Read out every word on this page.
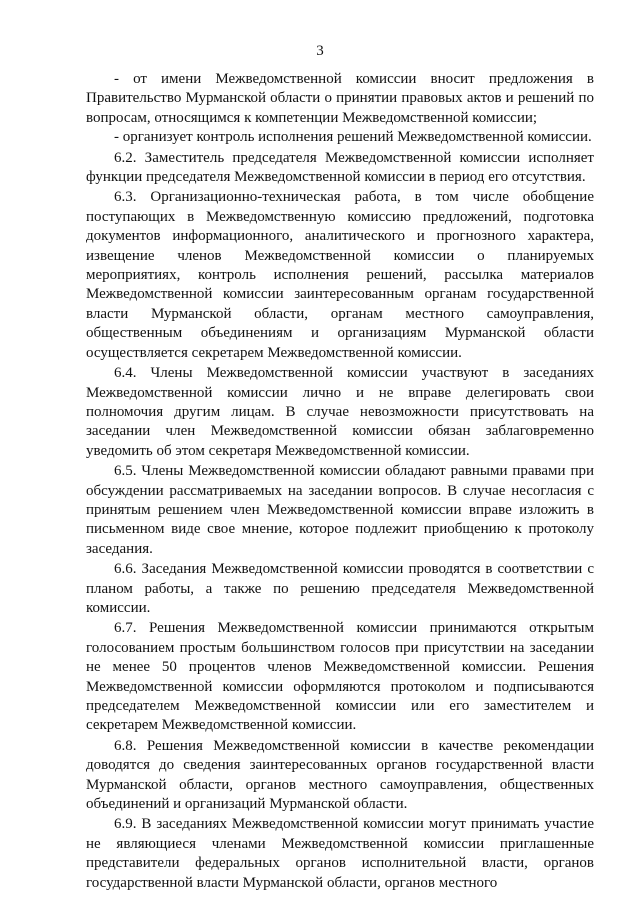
3

- от имени Межведомственной комиссии вносит предложения в Правительство Мурманской области о принятии правовых актов и решений по вопросам, относящимся к компетенции Межведомственной комиссии;

- организует контроль исполнения решений Межведомственной комиссии.

6.2. Заместитель председателя Межведомственной комиссии исполняет функции председателя Межведомственной комиссии в период его отсутствия.

6.3. Организационно-техническая работа, в том числе обобщение поступающих в Межведомственную комиссию предложений, подготовка документов информационного, аналитического и прогнозного характера, извещение членов Межведомственной комиссии о планируемых мероприятиях, контроль исполнения решений, рассылка материалов Межведомственной комиссии заинтересованным органам государственной власти Мурманской области, органам местного самоуправления, общественным объединениям и организациям Мурманской области осуществляется секретарем Межведомственной комиссии.

6.4. Члены Межведомственной комиссии участвуют в заседаниях Межведомственной комиссии лично и не вправе делегировать свои полномочия другим лицам. В случае невозможности присутствовать на заседании член Межведомственной комиссии обязан заблаговременно уведомить об этом секретаря Межведомственной комиссии.

6.5. Члены Межведомственной комиссии обладают равными правами при обсуждении рассматриваемых на заседании вопросов. В случае несогласия с принятым решением член Межведомственной комиссии вправе изложить в письменном виде свое мнение, которое подлежит приобщению к протоколу заседания.

6.6. Заседания Межведомственной комиссии проводятся в соответствии с планом работы, а также по решению председателя Межведомственной комиссии.

6.7. Решения Межведомственной комиссии принимаются открытым голосованием простым большинством голосов при присутствии на заседании не менее 50 процентов членов Межведомственной комиссии. Решения Межведомственной комиссии оформляются протоколом и подписываются председателем Межведомственной комиссии или его заместителем и секретарем Межведомственной комиссии.

6.8. Решения Межведомственной комиссии в качестве рекомендации доводятся до сведения заинтересованных органов государственной власти Мурманской области, органов местного самоуправления, общественных объединений и организаций Мурманской области.

6.9. В заседаниях Межведомственной комиссии могут принимать участие не являющиеся членами Межведомственной комиссии приглашенные представители федеральных органов исполнительной власти, органов государственной власти Мурманской области, органов местного
